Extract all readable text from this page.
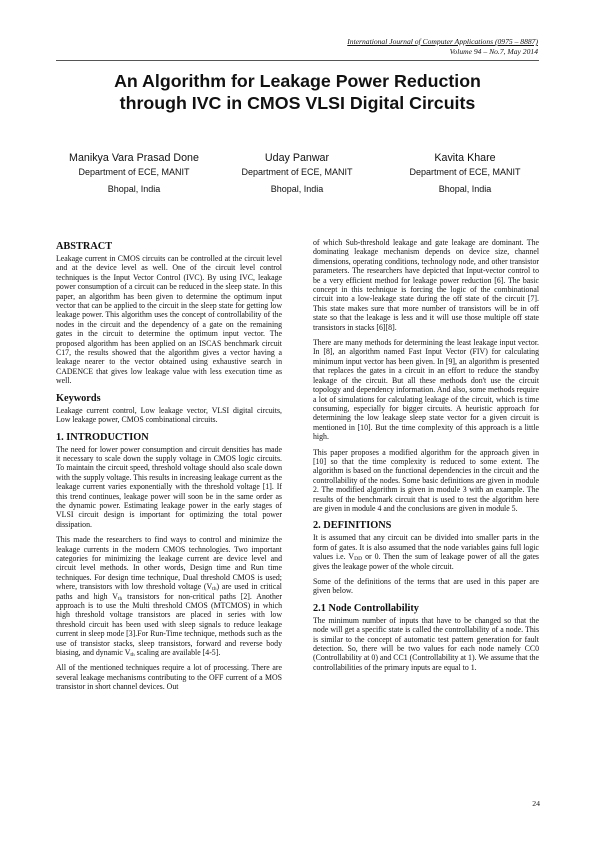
International Journal of Computer Applications (0975 – 8887)
Volume 94 – No.7, May 2014
An Algorithm for Leakage Power Reduction
through IVC in CMOS VLSI Digital Circuits
Manikya Vara Prasad Done
Department of ECE, MANIT
Bhopal, India
Uday Panwar
Department of ECE, MANIT
Bhopal, India
Kavita Khare
Department of ECE, MANIT
Bhopal, India
ABSTRACT

Leakage current in CMOS circuits can be controlled at the circuit level and at the device level as well. One of the circuit level control techniques is the Input Vector Control (IVC). By using IVC, leakage power consumption of a circuit can be reduced in the sleep state. In this paper, an algorithm has been given to determine the optimum input vector that can be applied to the circuit in the sleep state for getting low leakage power. This algorithm uses the concept of controllability of the nodes in the circuit and the dependency of a gate on the remaining gates in the circuit to determine the optimum input vector. The proposed algorithm has been applied on an ISCAS benchmark circuit C17, the results showed that the algorithm gives a vector having a leakage nearer to the vector obtained using exhaustive search in CADENCE that gives low leakage value with less execution time as well.

Keywords

Leakage current control, Low leakage vector, VLSI digital circuits, Low leakage power, CMOS combinational circuits.

1. INTRODUCTION

The need for lower power consumption and circuit densities has made it necessary to scale down the supply voltage in CMOS logic circuits. To maintain the circuit speed, threshold voltage should also scale down with the supply voltage. This results in increasing leakage current as the leakage current varies exponentially with the threshold voltage [1]. If this trend continues, leakage power will soon be in the same order as the dynamic power. Estimating leakage power in the early stages of VLSI circuit design is important for optimizing the total power dissipation.

This made the researchers to find ways to control and minimize the leakage currents in the modern CMOS technologies. Two important categories for minimizing the leakage current are device level and circuit level methods. In other words, Design time and Run time techniques. For design time technique, Dual threshold CMOS is used; where, transistors with low threshold voltage $(V_{th})$ are used in critical paths and high $V_{th}$ transistors for non-critical paths [2]. Another approach is to use the Multi threshold CMOS (MTCMOS) in which high threshold voltage transistors are placed in series with low threshold circuit has been used with sleep signals to reduce leakage current in sleep mode [3].For Run-Time technique, methods such as the use of transistor stacks, sleep transistors, forward and reverse body biasing, and dynamic $V_{th}$ scaling are available [4-5].

All of the mentioned techniques require a lot of processing. There are several leakage mechanisms contributing to the OFF current of a MOS transistor in short channel devices. Out

of which Sub-threshold leakage and gate leakage are dominant. The dominating leakage mechanism depends on device size, channel dimensions, operating conditions, technology node, and other transistor parameters. The researchers have depicted that Input-vector control to be a very efficient method for leakage power reduction [6]. The basic concept in this technique is forcing the logic of the combinational circuit into a low-leakage state during the off state of the circuit [7]. This state makes sure that more number of transistors will be in off state so that the leakage is less and it will use those multiple off state transistors in stacks [6][8].

There are many methods for determining the least leakage input vector. In [8], an algorithm named Fast Input Vector (FIV) for calculating minimum input vector has been given. In [9], an algorithm is presented that replaces the gates in a circuit in an effort to reduce the standby leakage of the circuit. But all these methods don't use the circuit topology and dependency information. And also, some methods require a lot of simulations for calculating leakage of the circuit, which is time consuming, especially for bigger circuits. A heuristic approach for determining the low leakage sleep state vector for a given circuit is mentioned in [10]. But the time complexity of this approach is a little high.

This paper proposes a modified algorithm for the approach given in [10] so that the time complexity is reduced to some extent. The algorithm is based on the functional dependencies in the circuit and the controllability of the nodes. Some basic definitions are given in module 2. The modified algorithm is given in module 3 with an example. The results of the benchmark circuit that is used to test the algorithm here are given in module 4 and the conclusions are given in module 5.

2. DEFINITIONS

It is assumed that any circuit can be divided into smaller parts in the form of gates. It is also assumed that the node variables gains full logic values i.e. $V_{DD}$ or 0. Then the sum of leakage power of all the gates gives the leakage power of the whole circuit.

Some of the definitions of the terms that are used in this paper are given below.

2.1 Node Controllability

The minimum number of inputs that have to be changed so that the node will get a specific state is called the controllability of a node. This is similar to the concept of automatic test pattern generation for fault detection. So, there will be two values for each node namely CC0 (Controllability at 0) and CC1 (Controllability at 1). We assume that the controllabilities of the primary inputs are equal to 1.

24
